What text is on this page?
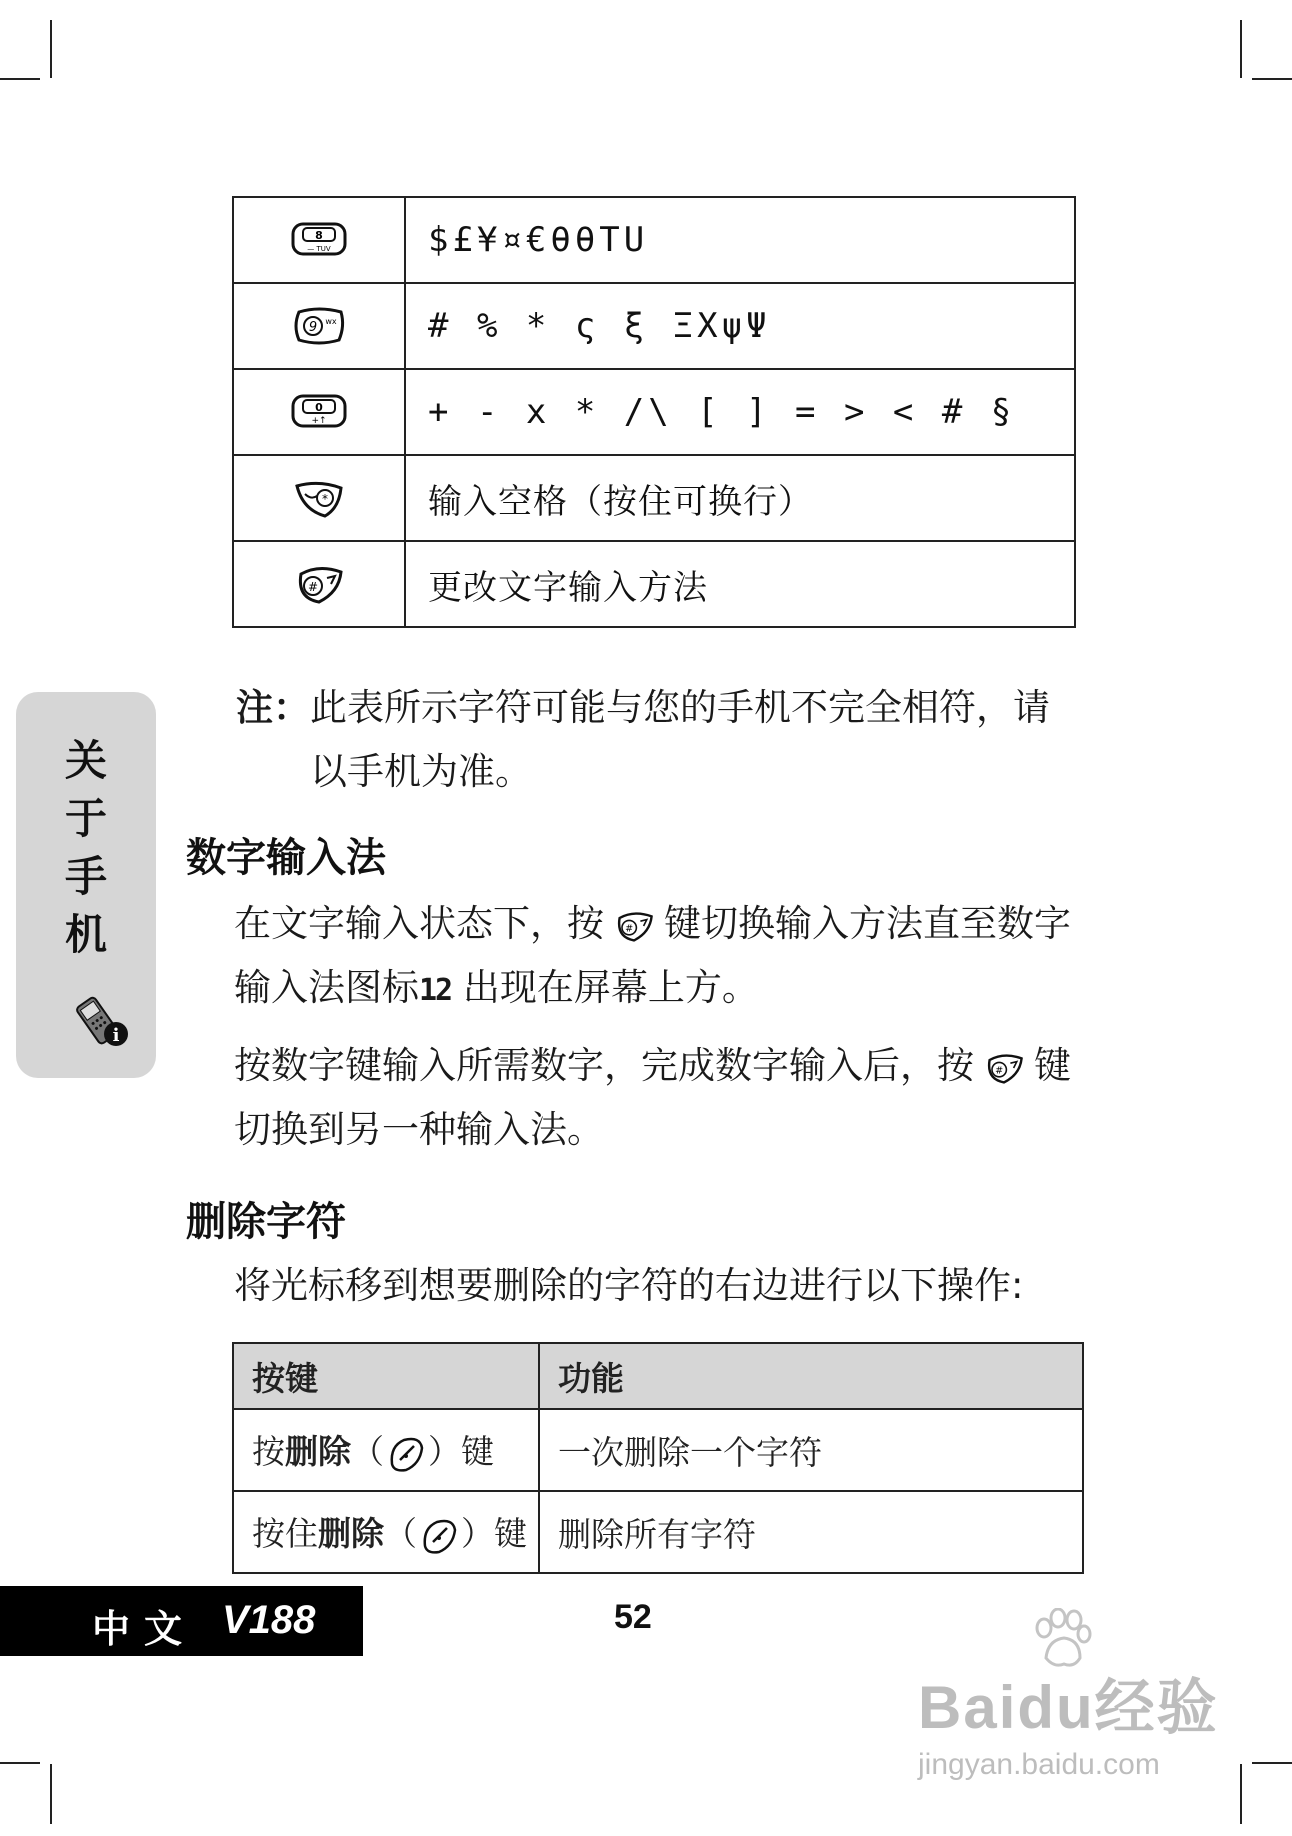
8
— TUV	$£¥¤€θθTU

9 wx	# % * ς ξ ΞXψΨ

0
+↑	+ - x * /\ [ ] = > < # §

*	输入空格（按住可换行）

#	更改文字输入方法
关
于
手
机
i
注：此表所示字符可能与您的手机不完全相符，请
以手机为准。
数字输入法
在文字输入状态下，按 # 键切换输入方法直至数字
输入法图标12 出现在屏幕上方。
按数字键输入所需数字，完成数字输入后，按 # 键
切换到另一种输入法。
删除字符
将光标移到想要删除的字符的右边进行以下操作:
按键	功能
按删除（ ）键	一次删除一个字符
按住删除（ ）键	删除所有字符
中文 V188	52
Baidu经验
jingyan.baidu.com
